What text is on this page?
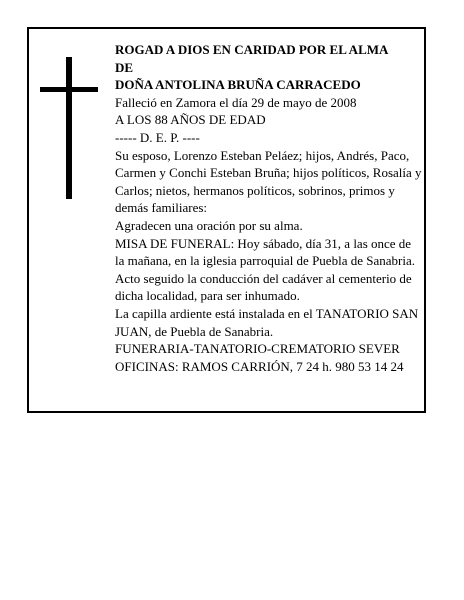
ROGAD A DIOS EN CARIDAD POR EL ALMA

DE

DOÑA ANTOLINA BRUÑA CARRACEDO

Falleció en Zamora el día 29 de mayo de 2008

A LOS 88 AÑOS DE EDAD

----- D. E. P. ----

Su esposo, Lorenzo Esteban Peláez; hijos, Andrés, Paco, Carmen y Conchi Esteban Bruña; hijos políticos, Rosalía y Carlos; nietos, hermanos políticos, sobrinos, primos y demás familiares:

Agradecen una oración por su alma.

MISA DE FUNERAL: Hoy sábado, día 31, a las once de la mañana, en la iglesia parroquial de Puebla de Sanabria. Acto seguido la conducción del cadáver al cementerio de dicha localidad, para ser inhumado.

La capilla ardiente está instalada en el TANATORIO SAN JUAN, de Puebla de Sanabria.

FUNERARIA-TANATORIO-CREMATORIO SEVER

OFICINAS: RAMOS CARRIÓN, 7 24 h. 980 53 14 24
